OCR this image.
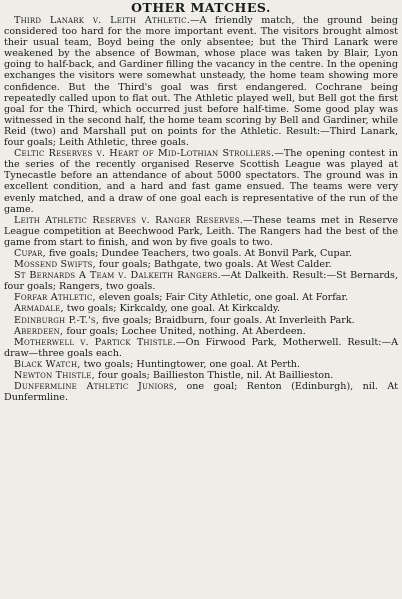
OTHER MATCHES.

Third Lanark v. Leith Athletic.—A friendly match, the ground being considered too hard for the more important event. The visitors brought almost their usual team, Boyd being the only absentee; but the Third Lanark were weakened by the absence of Bowman, whose place was taken by Blair, Lyon going to half-back, and Gardiner filling the vacancy in the centre. In the opening exchanges the visitors were somewhat unsteady, the home team showing more confidence. But the Third's goal was first endangered. Cochrane being repeatedly called upon to flat out. The Athletic played well, but Bell got the first goal for the Third, which occurred just before half-time. Some good play was witnessed in the second half, the home team scoring by Bell and Gardiner, while Reid (two) and Marshall put on points for the Athletic. Result:—Third Lanark, four goals; Leith Athletic, three goals.

Celtic Reserves v. Heart of Mid-Lothian Strollers.—The opening contest in the series of the recently organised Reserve Scottish League was played at Tynecastle before an attendance of about 5000 spectators. The ground was in excellent condition, and a hard and fast game ensued. The teams were very evenly matched, and a draw of one goal each is representative of the run of the game.

Leith Athletic Reserves v. Ranger Reserves.—These teams met in Reserve League competition at Beechwood Park, Leith. The Rangers had the best of the game from start to finish, and won by five goals to two.

Cupar, five goals; Dundee Teachers, two goals. At Bonvil Park, Cupar.

Mossend Swifts, four goals; Bathgate, two goals. At West Calder.

St Bernards A Team v. Dalkeith Rangers.—At Dalkeith. Result:—St Bernards, four goals; Rangers, two goals.

Forfar Athletic, eleven goals; Fair City Athletic, one goal. At Forfar.

Armadale, two goals; Kirkcaldy, one goal. At Kirkcaldy.

Edinburgh P.-T.'s, five goals; Braidburn, four goals. At Inverleith Park.

Aberdeen, four goals; Lochee United, nothing. At Aberdeen.

Motherwell v. Partick Thistle.—On Firwood Park, Motherwell. Result:—A draw—three goals each.

Black Watch, two goals; Huntingtower, one goal. At Perth.

Newton Thistle, four goals; Baillieston Thistle, nil. At Baillieston.

Dunfermline Athletic Juniors, one goal; Renton (Edinburgh), nil. At Dunfermline.
